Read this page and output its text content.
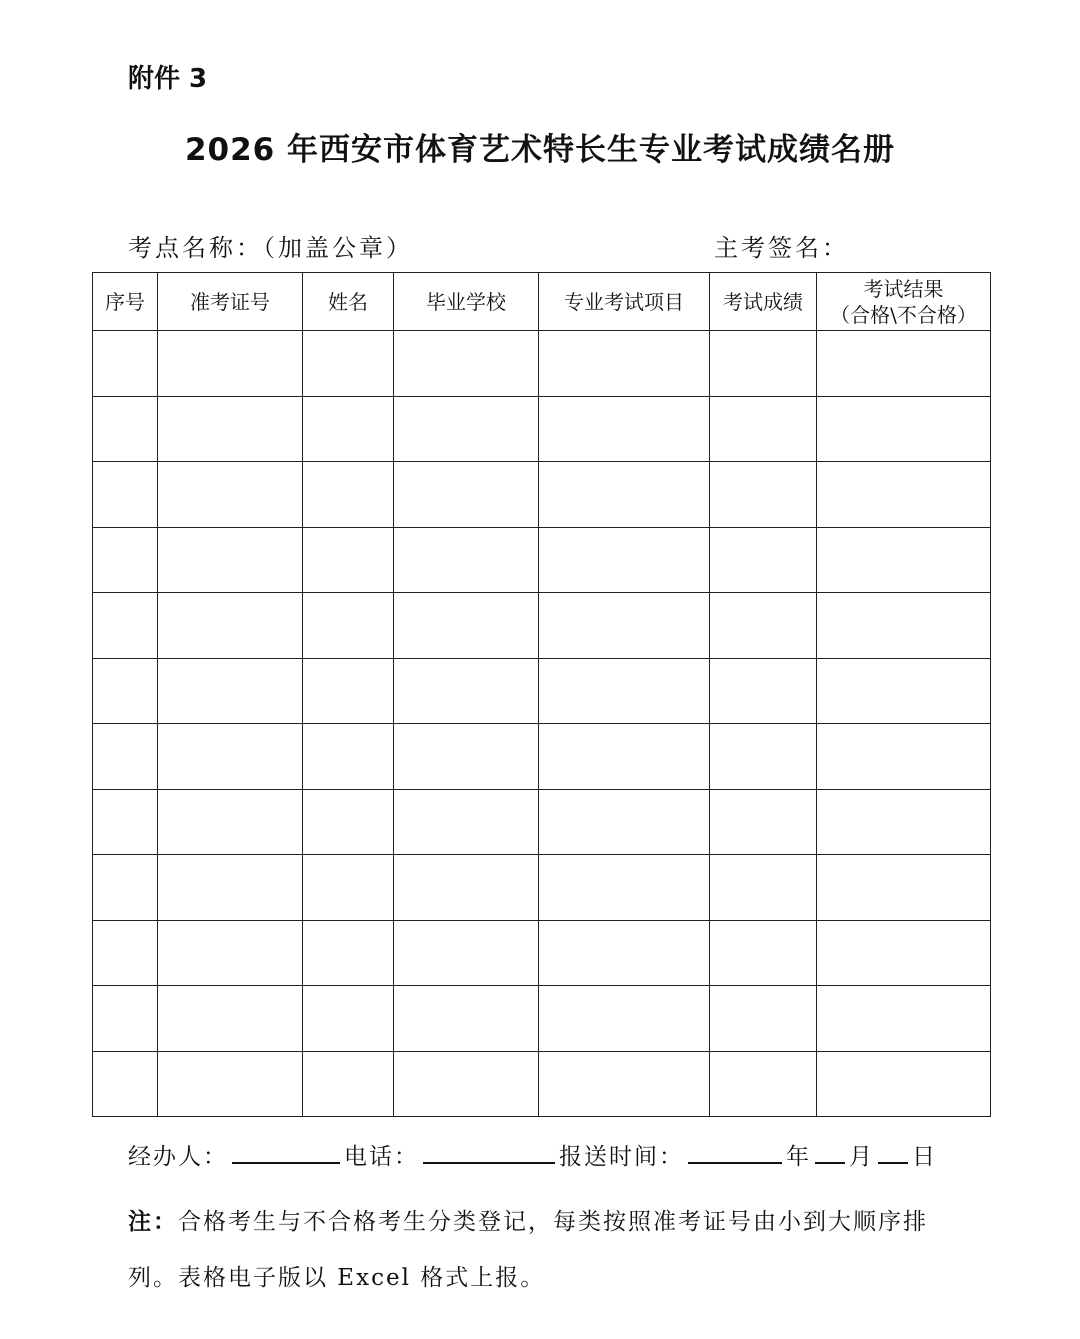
附件 3
2026 年西安市体育艺术特长生专业考试成绩名册
考点名称：（加盖公章）	主考签名：
序号	准考证号	姓名	毕业学校	专业考试项目	考试成绩	考试结果
（合格\不合格）

经办人：	电话：	报送时间：	年 月 日
注：合格考生与不合格考生分类登记，每类按照准考证号由小到大顺序排列。表格电子版以 Excel 格式上报。
